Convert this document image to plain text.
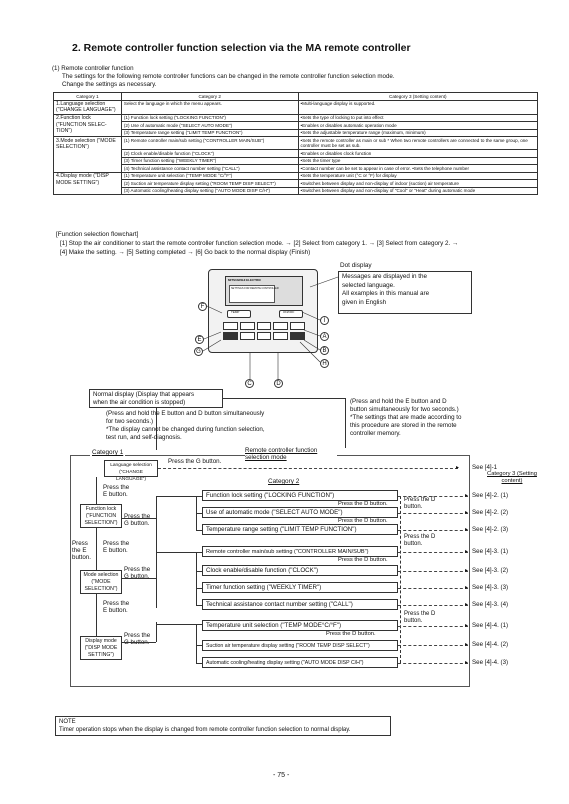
2. Remote controller function selection via the MA remote controller
(1) Remote controller function
The settings for the following remote controller functions can be changed in the remote controller function selection mode.
Change the settings as necessary.
Category 1	Category 2	Category 3 (Setting content)
1.Language selection ("CHANGE LANGUAGE")	Select the language in which the menu appears.	•Multi-language display is supported.
2.Function lock ("FUNCTION SELEC- TION")	(1) Function lock setting ("LOCKING FUNCTION")	•Sets the type of locking to put into effect
	(2) Use of automatic mode ("SELECT AUTO MODE")	•Enables or disables automatic operation mode
	(3) Temperature range setting ("LIMIT TEMP FUNCTION")	•Sets the adjustable temperature range (maximum, minimum)
3.Mode selection ("MODE SELECTION")	(1) Remote controller main/sub setting ("CONTROLLER MAIN/SUB")	•Sets the remote controller as main or sub * When two remote controllers are connected to the same group, one controller must be set as sub.
	(2) Clock enable/disable function ("CLOCK")	•Enables or disables clock function
	(3) Timer function setting ("WEEKLY TIMER")	•Sets the timer type
	(4) Technical assistance contact number setting ("CALL")	•Contact number can be set to appear in case of error. •Sets the telephone number
4.Display mode ("DISP MODE SETTING")	(1) Temperature unit selection ("TEMP MODE °C/°F")	•Sets the temperature unit (°C or °F) for display
	(2) Suction air temperature display setting ("ROOM TEMP DISP SELECT")	•Switches between display and non-display of indoor (suction) air temperature
	(3) Automatic cooling/heating display setting ("AUTO MODE DISP C/H")	•Switches between display and non-display of "Cool" or "Heat" during automatic mode
[Function selection flowchart]
[1] Stop the air conditioner to start the remote controller function selection mode. → [2] Select from category 1. → [3] Select from category 2. →
[4] Make the setting. → [5] Setting completed → [6] Go back to the normal display (Finish)
MITSUBISHI ELECTRIC
SETTINGS FOR REMOTE CONTROLLER
TEMP	ON/OFF
F
E
G
I
A
B
H
C	D
Dot display
Messages are displayed in the
selected language.
All examples in this manual are
given in English
Normal display (Display that appears
when the air condition is stopped)
(Press and hold the E button and D button simultaneously
for two seconds.)
*The display cannot be changed during function selection,
test run, and self-diagnosis.
(Press and hold the E button and D
button simultaneously for two seconds.)
*The settings that are made according to
this procedure are stored in the remote
controller memory.
Category 1	Remote controller function selection mode
Category 2
Category 3 (Setting content)
Language selection
("CHANGE LANGUAGE")
Press the G button.
▸ See [4]-1
Press the E button.
Press the E button.
Press the E button.
Press the E button.
Function lock
("FUNCTION
SELECTION")
Press the G button.
Function lock setting ("LOCKING FUNCTION")
Use of automatic mode ("SELECT AUTO MODE")
Temperature range setting ("LIMIT TEMP FUNCTION")
Press the D button.
Press the D button.
Mode selection
("MODE
SELECTION")
Press the G button.
Remote controller main/sub setting ("CONTROLLER MAIN/SUB")
Clock enable/disable function ("CLOCK")
Timer function setting ("WEEKLY TIMER")
Technical assistance contact number setting ("CALL")
Press the D button.
Display mode
("DISP MODE
SETTING")
Press the G button.
Temperature unit selection ("TEMP MODE°C/°F")
Suction air temperature display setting ("ROOM TEMP DISP SELECT")
Automatic cooling/heating display setting ("AUTO MODE DISP C/H")
Press the D button.
Press the D button.
Press the D button.
Press the D button.
▸
▸
▸
▸
▸
▸
▸
▸
▸
▸
See [4]-2. (1)
See [4]-2. (2)
See [4]-2. (3)
See [4]-3. (1)
See [4]-3. (2)
See [4]-3. (3)
See [4]-3. (4)
See [4]-4. (1)
See [4]-4. (2)
See [4]-4. (3)
NOTE
Timer operation stops when the display is changed from remote controller function selection to normal display.
- 75 -
